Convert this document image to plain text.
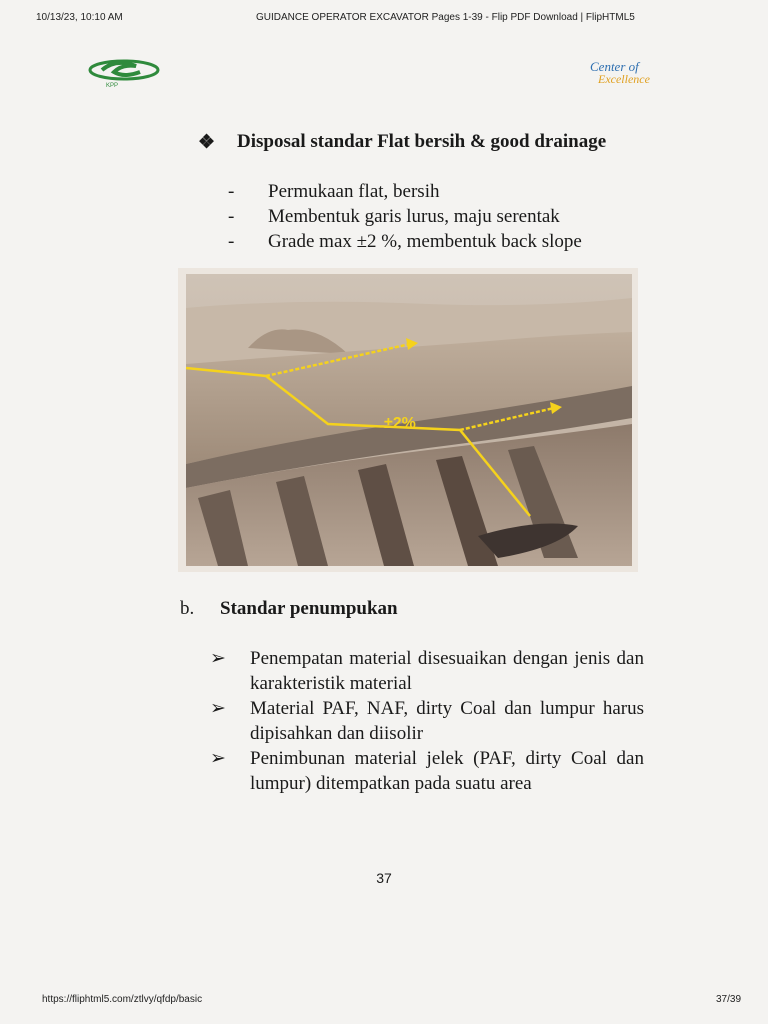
10/13/23, 10:10 AM	GUIDANCE OPERATOR EXCAVATOR Pages 1-39 - Flip PDF Download | FlipHTML5
KPP
Center of
Excellence
❖ Disposal standar Flat bersih & good drainage
-	Permukaan flat, bersih
-	Membentuk garis lurus, maju serentak
-	Grade max ±2 %, membentuk back slope
±2%
b. Standar penumpukan
➢	Penempatan material disesuaikan dengan jenis dan karakteristik material
➢	Material PAF, NAF, dirty Coal dan lumpur harus dipisahkan dan diisolir
➢	Penimbunan material jelek (PAF, dirty Coal dan lumpur) ditempatkan pada suatu area
37
https://fliphtml5.com/ztlvy/qfdp/basic	37/39
